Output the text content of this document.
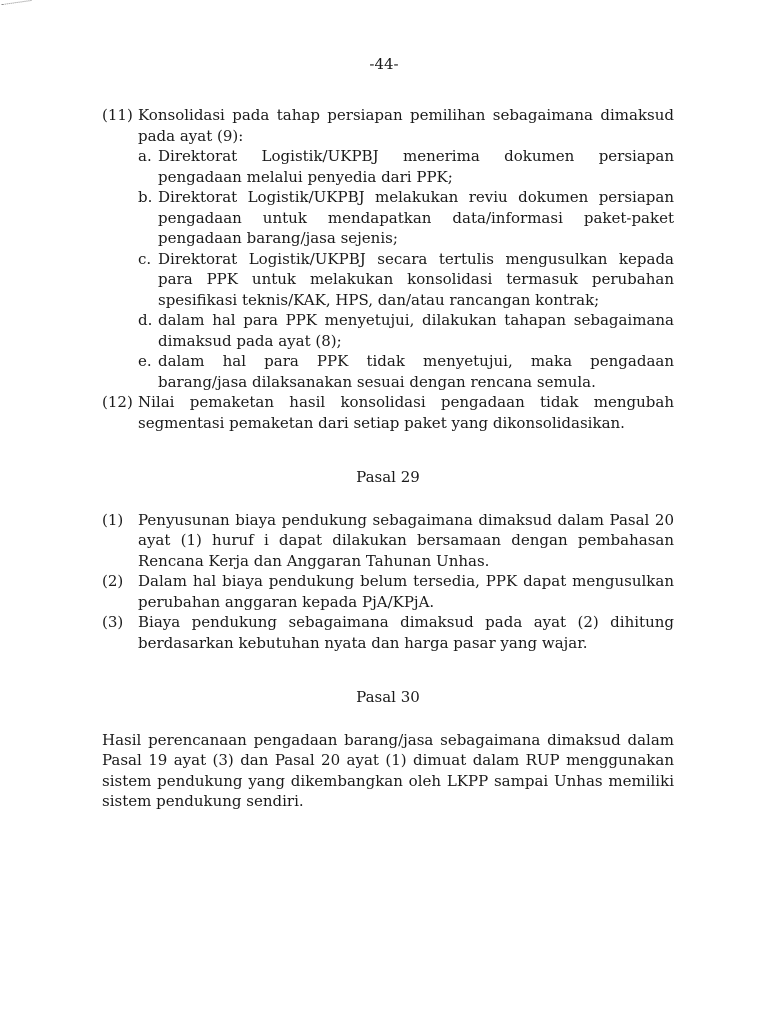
-44-
(11) Konsolidasi pada tahap persiapan pemilihan sebagaimana dimaksud pada ayat (9):
a. Direktorat Logistik/UKPBJ menerima dokumen persiapan pengadaan melalui penyedia dari PPK;
b. Direktorat Logistik/UKPBJ melakukan reviu dokumen persiapan pengadaan untuk mendapatkan data/informasi paket-paket pengadaan barang/jasa sejenis;
c. Direktorat Logistik/UKPBJ secara tertulis mengusulkan kepada para PPK untuk melakukan konsolidasi termasuk perubahan spesifikasi teknis/KAK, HPS, dan/atau rancangan kontrak;
d. dalam hal para PPK menyetujui, dilakukan tahapan sebagaimana dimaksud pada ayat (8);
e. dalam hal para PPK tidak menyetujui, maka pengadaan barang/jasa dilaksanakan sesuai dengan rencana semula.
(12) Nilai pemaketan hasil konsolidasi pengadaan tidak mengubah segmentasi pemaketan dari setiap paket yang dikonsolidasikan.
Pasal 29
(1) Penyusunan biaya pendukung sebagaimana dimaksud dalam Pasal 20 ayat (1) huruf i dapat dilakukan bersamaan dengan pembahasan Rencana Kerja dan Anggaran Tahunan Unhas.
(2) Dalam hal biaya pendukung belum tersedia, PPK dapat mengusulkan perubahan anggaran kepada PjA/KPjA.
(3) Biaya pendukung sebagaimana dimaksud pada ayat (2) dihitung berdasarkan kebutuhan nyata dan harga pasar yang wajar.
Pasal 30
Hasil perencanaan pengadaan barang/jasa sebagaimana dimaksud dalam Pasal 19 ayat (3) dan Pasal 20 ayat (1) dimuat dalam RUP menggunakan sistem pendukung yang dikembangkan oleh LKPP sampai Unhas memiliki sistem pendukung sendiri.
